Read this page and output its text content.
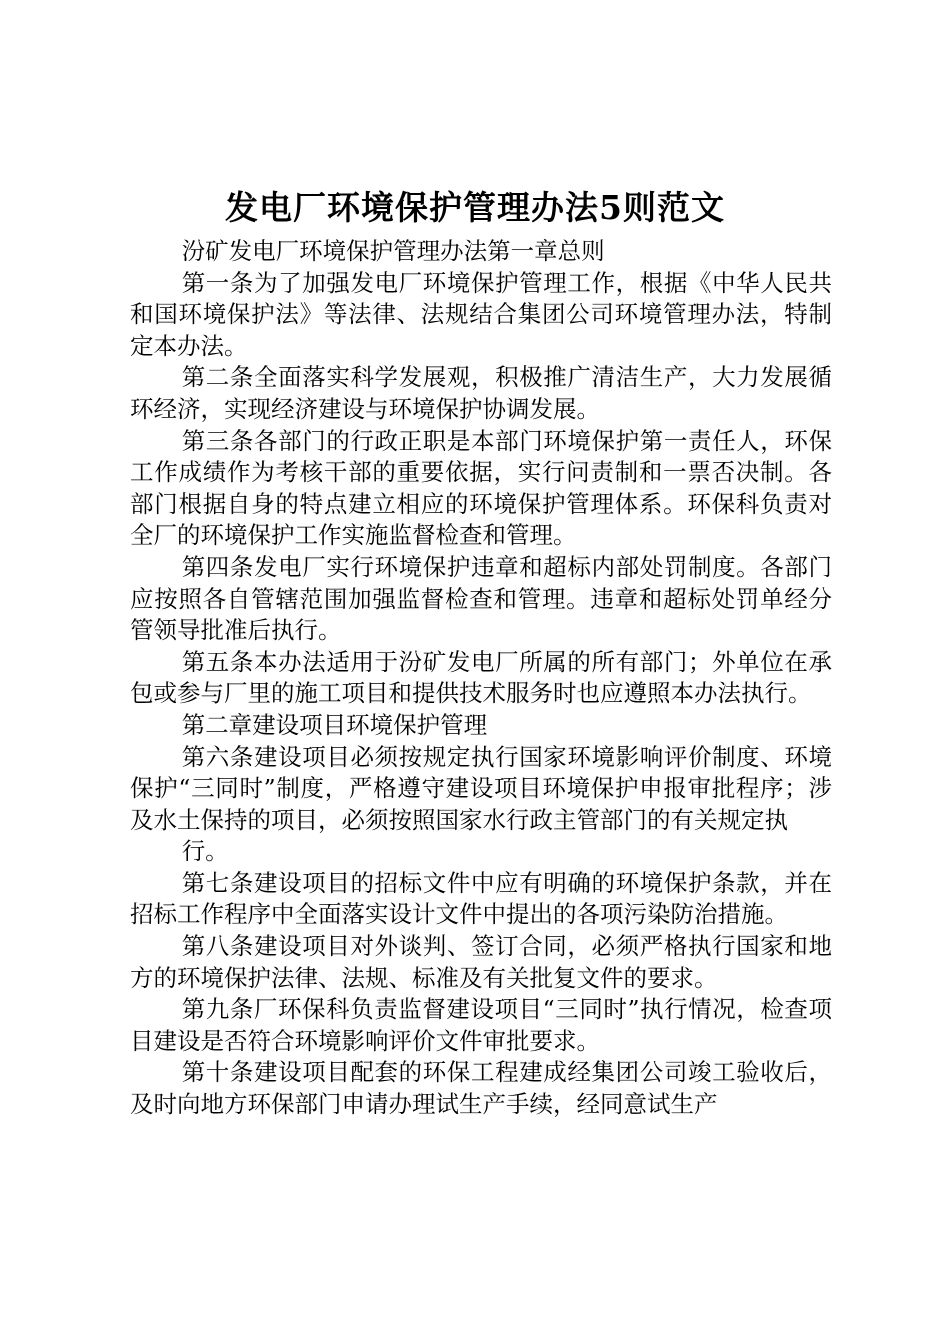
发电厂环境保护管理办法5则范文

汾矿发电厂环境保护管理办法第一章总则

第一条为了加强发电厂环境保护管理工作，根据《中华人民共和国环境保护法》等法律、法规结合集团公司环境管理办法，特制定本办法。

第二条全面落实科学发展观，积极推广清洁生产，大力发展循环经济，实现经济建设与环境保护协调发展。

第三条各部门的行政正职是本部门环境保护第一责任人，环保工作成绩作为考核干部的重要依据，实行问责制和一票否决制。各部门根据自身的特点建立相应的环境保护管理体系。环保科负责对全厂的环境保护工作实施监督检查和管理。

第四条发电厂实行环境保护违章和超标内部处罚制度。各部门应按照各自管辖范围加强监督检查和管理。违章和超标处罚单经分管领导批准后执行。

第五条本办法适用于汾矿发电厂所属的所有部门；外单位在承包或参与厂里的施工项目和提供技术服务时也应遵照本办法执行。

第二章建设项目环境保护管理

第六条建设项目必须按规定执行国家环境影响评价制度、环境保护“三同时”制度，严格遵守建设项目环境保护申报审批程序；涉及水土保持的项目，必须按照国家水行政主管部门的有关规定执

行。

第七条建设项目的招标文件中应有明确的环境保护条款，并在招标工作程序中全面落实设计文件中提出的各项污染防治措施。

第八条建设项目对外谈判、签订合同，必须严格执行国家和地方的环境保护法律、法规、标准及有关批复文件的要求。

第九条厂环保科负责监督建设项目“三同时”执行情况，检查项目建设是否符合环境影响评价文件审批要求。

第十条建设项目配套的环保工程建成经集团公司竣工验收后，及时向地方环保部门申请办理试生产手续，经同意试生产
